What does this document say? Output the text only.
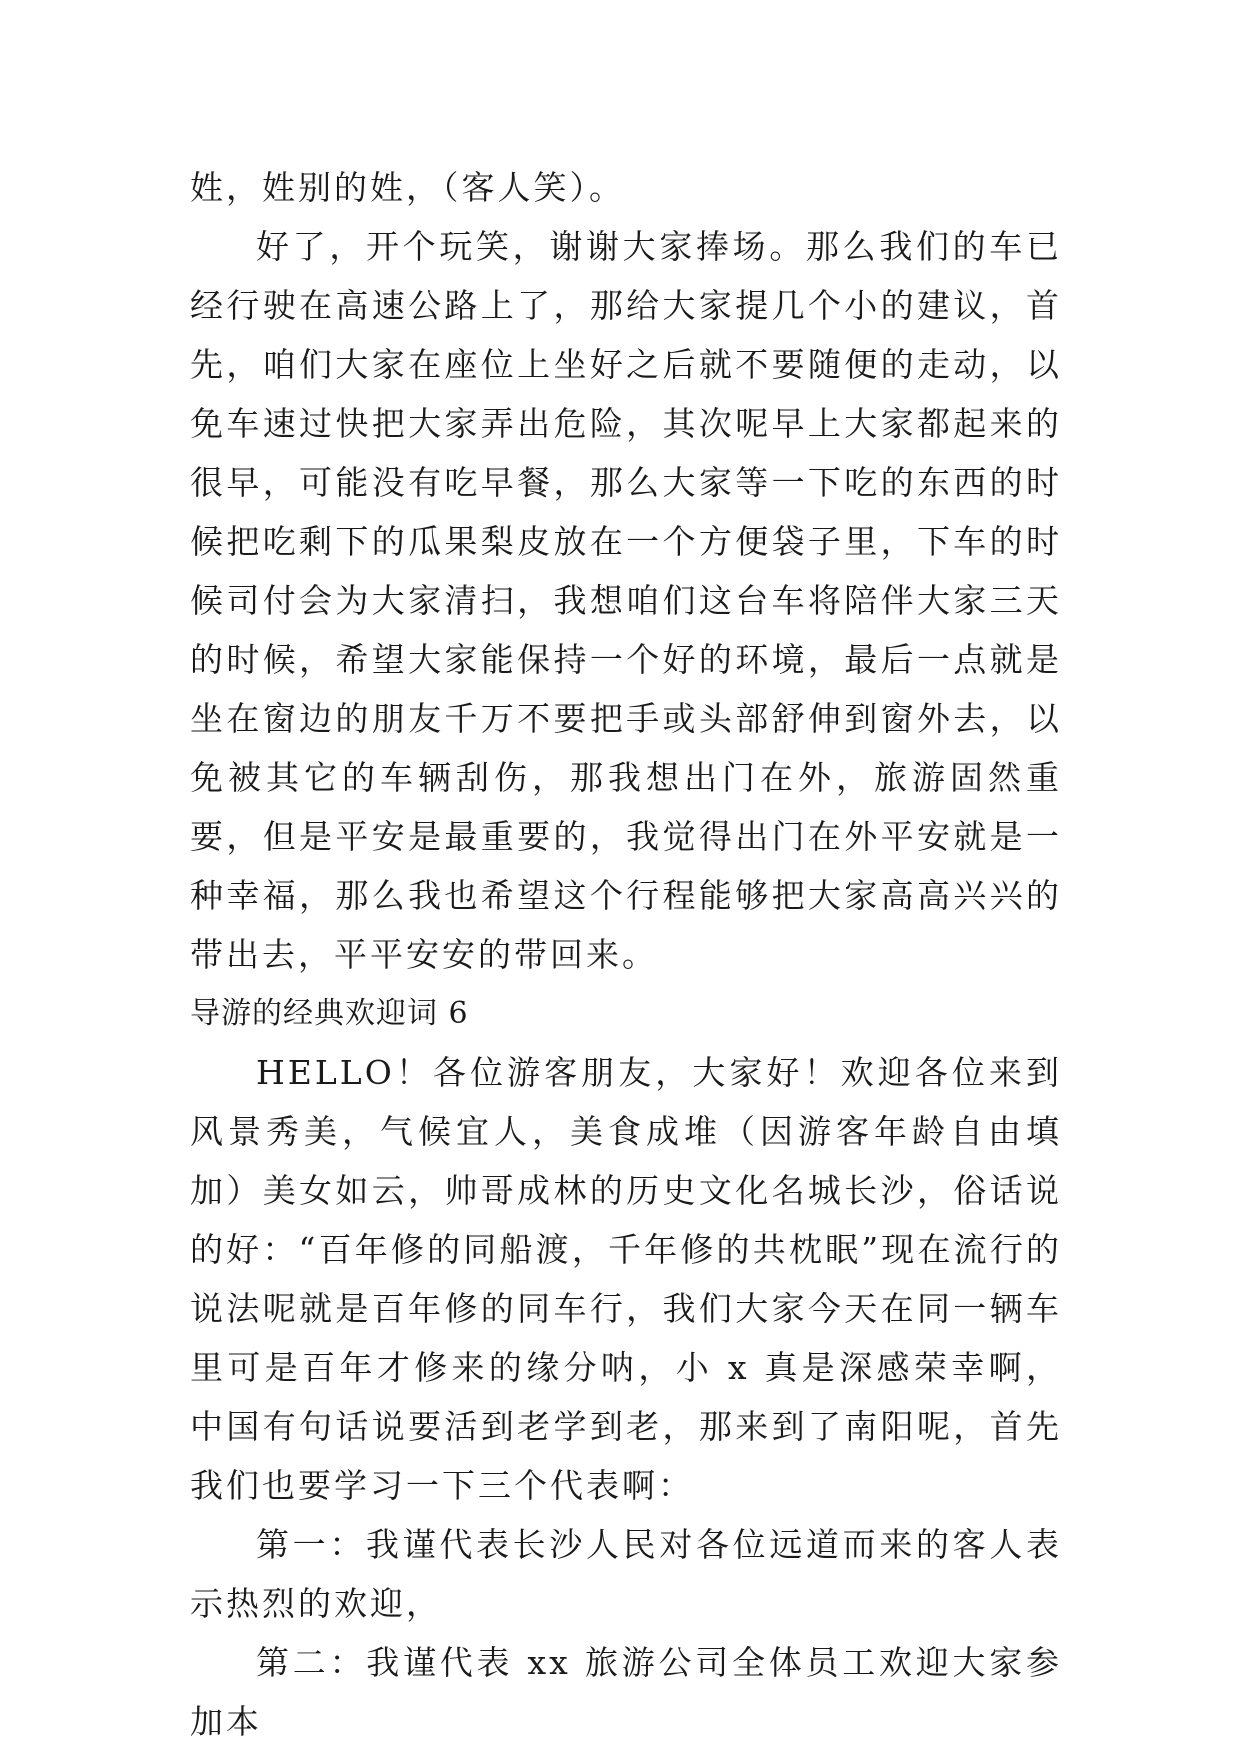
姓，姓别的姓，（客人笑）。

好了，开个玩笑，谢谢大家捧场。那么我们的车已经行驶在高速公路上了，那给大家提几个小的建议，首先，咱们大家在座位上坐好之后就不要随便的走动，以免车速过快把大家弄出危险，其次呢早上大家都起来的很早，可能没有吃早餐，那么大家等一下吃的东西的时候把吃剩下的瓜果梨皮放在一个方便袋子里，下车的时候司付会为大家清扫，我想咱们这台车将陪伴大家三天的时候，希望大家能保持一个好的环境，最后一点就是坐在窗边的朋友千万不要把手或头部舒伸到窗外去，以免被其它的车辆刮伤，那我想出门在外，旅游固然重要，但是平安是最重要的，我觉得出门在外平安就是一种幸福，那么我也希望这个行程能够把大家高高兴兴的带出去，平平安安的带回来。

导游的经典欢迎词 6

HELLO！各位游客朋友，大家好！欢迎各位来到风景秀美，气候宜人，美食成堆（因游客年龄自由填加）美女如云，帅哥成林的历史文化名城长沙，俗话说的好：“百年修的同船渡，千年修的共枕眠”现在流行的说法呢就是百年修的同车行，我们大家今天在同一辆车里可是百年才修来的缘分呐，小 x 真是深感荣幸啊，中国有句话说要活到老学到老，那来到了南阳呢，首先我们也要学习一下三个代表啊：

第一：我谨代表长沙人民对各位远道而来的客人表示热烈的欢迎，

第二：我谨代表 xx 旅游公司全体员工欢迎大家参加本
